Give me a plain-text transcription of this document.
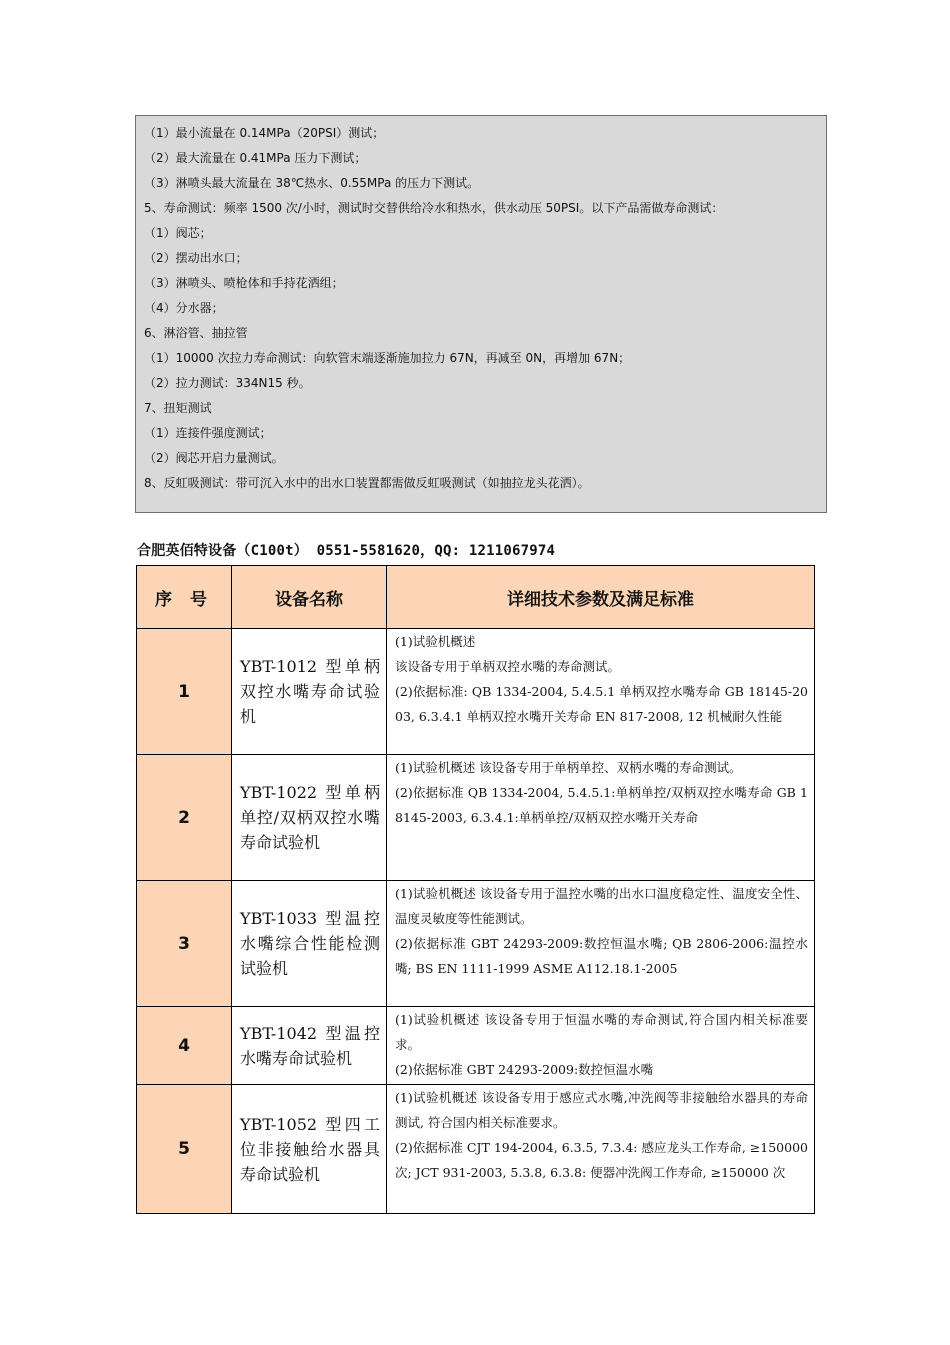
（1）最小流量在 0.14MPa（20PSI）测试；
（2）最大流量在 0.41MPa 压力下测试；
（3）淋喷头最大流量在 38℃热水、0.55MPa 的压力下测试。
5、寿命测试：频率 1500 次/小时，测试时交替供给冷水和热水，供水动压 50PSI。以下产品需做寿命测试：
（1）阀芯；
（2）摆动出水口；
（3）淋喷头、喷枪体和手持花洒组；
（4）分水器；
6、淋浴管、抽拉管
（1）10000 次拉力寿命测试：向软管末端逐渐施加拉力 67N，再减至 0N，再增加 67N；
（2）拉力测试：334N15 秒。
7、扭矩测试
（1）连接件强度测试；
（2）阀芯开启力量测试。
8、反虹吸测试：带可沉入水中的出水口装置都需做反虹吸测试（如抽拉龙头花洒）。
合肥英佰特设备（C100t） 0551-5581620，QQ: 1211067974
序 号	设备名称	详细技术参数及满足标准
1	YBT-1012 型单柄双控水嘴寿命试验机	(1)试验机概述

该设备专用于单柄双控水嘴的寿命测试。

(2)依据标准: QB 1334-2004, 5.4.5.1 单柄双控水嘴寿命 GB 18145-2003, 6.3.4.1 单柄双控水嘴开关寿命 EN 817-2008, 12 机械耐久性能

2	YBT-1022 型单柄单控/双柄双控水嘴寿命试验机	(1)试验机概述 该设备专用于单柄单控、双柄水嘴的寿命测试。

(2)依据标准 QB 1334-2004, 5.4.5.1:单柄单控/双柄双控水嘴寿命 GB 18145-2003, 6.3.4.1:单柄单控/双柄双控水嘴开关寿命

3	YBT-1033 型温控水嘴综合性能检测试验机	(1)试验机概述 该设备专用于温控水嘴的出水口温度稳定性、温度安全性、温度灵敏度等性能测试。

(2)依据标准 GBT 24293-2009:数控恒温水嘴; QB 2806-2006:温控水嘴; BS EN 1111-1999 ASME A112.18.1-2005

4	YBT-1042 型温控水嘴寿命试验机	(1)试验机概述 该设备专用于恒温水嘴的寿命测试,符合国内相关标准要求。

(2)依据标准 GBT 24293-2009:数控恒温水嘴

5	YBT-1052 型四工位非接触给水器具寿命试验机	(1)试验机概述 该设备专用于感应式水嘴,冲洗阀等非接触给水器具的寿命测试, 符合国内相关标准要求。

(2)依据标准 CJT 194-2004, 6.3.5, 7.3.4: 感应龙头工作寿命, ≥150000 次; JCT 931-2003, 5.3.8, 6.3.8: 便器冲洗阀工作寿命, ≥150000 次
